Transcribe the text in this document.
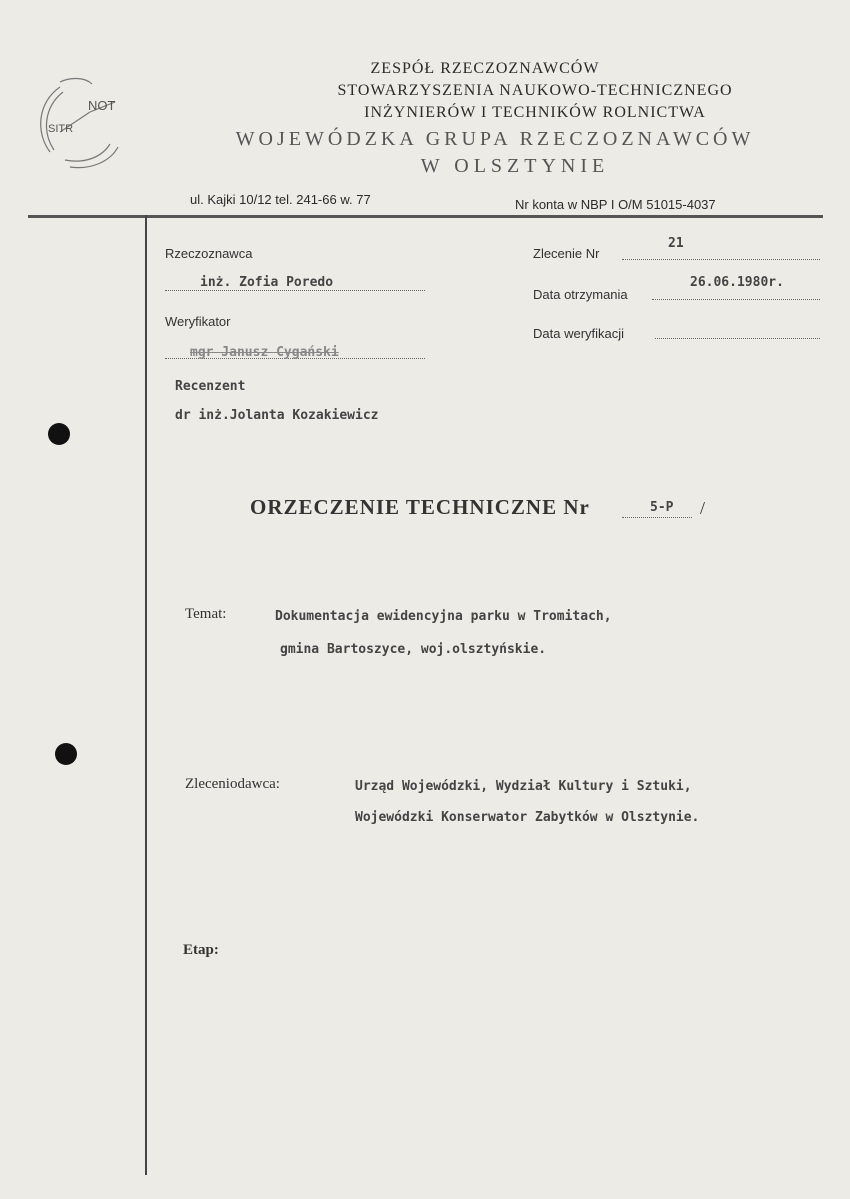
NOT
SITR
ZESPÓŁ RZECZOZNAWCÓW
STOWARZYSZENIA NAUKOWO-TECHNICZNEGO
INŻYNIERÓW I TECHNIKÓW ROLNICTWA
WOJEWÓDZKA GRUPA RZECZOZNAWCÓW
W OLSZTYNIE
ul. Kajki 10/12 tel. 241-66 w. 77	Nr konta w NBP I O/M 51015-4037
Rzeczoznawca
inż. Zofia Poredo
Weryfikator
mgr Janusz Cygański
Recenzent
dr inż.Jolanta Kozakiewicz
Zlecenie Nr
21
Data otrzymania
26.06.1980r.
Data weryfikacji
ORZECZENIE TECHNICZNE Nr	5-P /
Temat:	Dokumentacja ewidencyjna parku w Tromitach,
gmina Bartoszyce, woj.olsztyńskie.
Zleceniodawca:	Urząd Wojewódzki, Wydział Kultury i Sztuki,
Wojewódzki Konserwator Zabytków w Olsztynie.
Etap:
